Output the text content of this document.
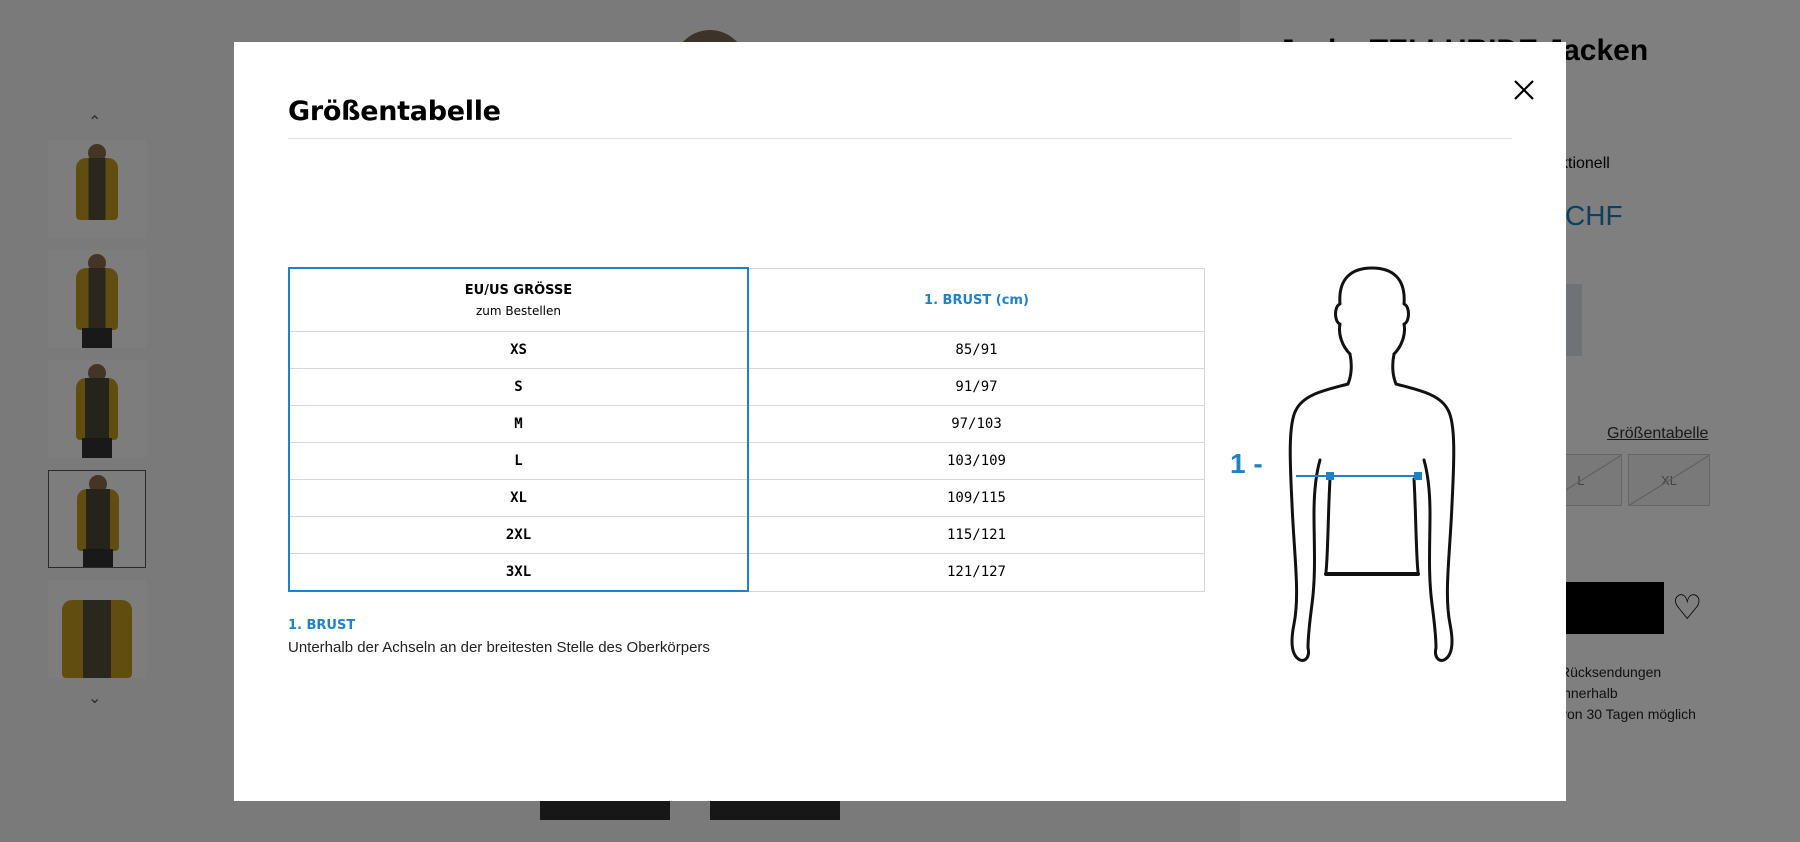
Größentabelle
EU/US GRÖSSE
zum Bestellen	1. BRUST (cm)
XS	85/91
S	91/97
M	97/103
L	103/109
XL	109/115
2XL	115/121
3XL	121/127
1. BRUST
Unterhalb der Achseln an der breitesten Stelle des Oberkörpers
1 -
